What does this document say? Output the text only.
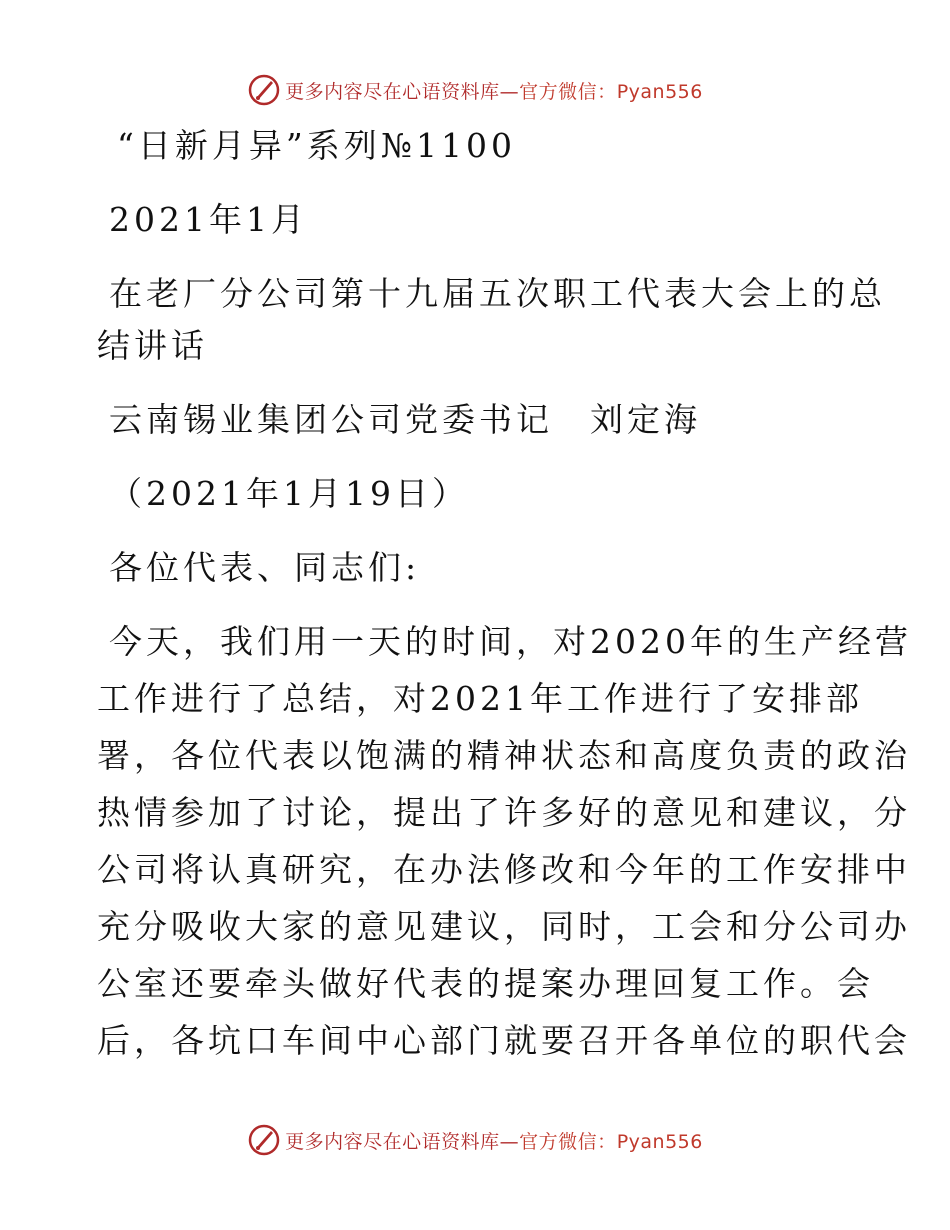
更多内容尽在心语资料库—官方微信：Pyan556

“日新月异”系列№1100

2021年1月

在老厂分公司第十九届五次职工代表大会上的总

结讲话

云南锡业集团公司党委书记　刘定海

（2021年1月19日）

各位代表、同志们:

今天，我们用一天的时间，对2020年的生产经营

工作进行了总结，对2021年工作进行了安排部

署，各位代表以饱满的精神状态和高度负责的政治

热情参加了讨论，提出了许多好的意见和建议，分

公司将认真研究，在办法修改和今年的工作安排中

充分吸收大家的意见建议，同时，工会和分公司办

公室还要牵头做好代表的提案办理回复工作。会

后，各坑口车间中心部门就要召开各单位的职代会

更多内容尽在心语资料库—官方微信：Pyan556
